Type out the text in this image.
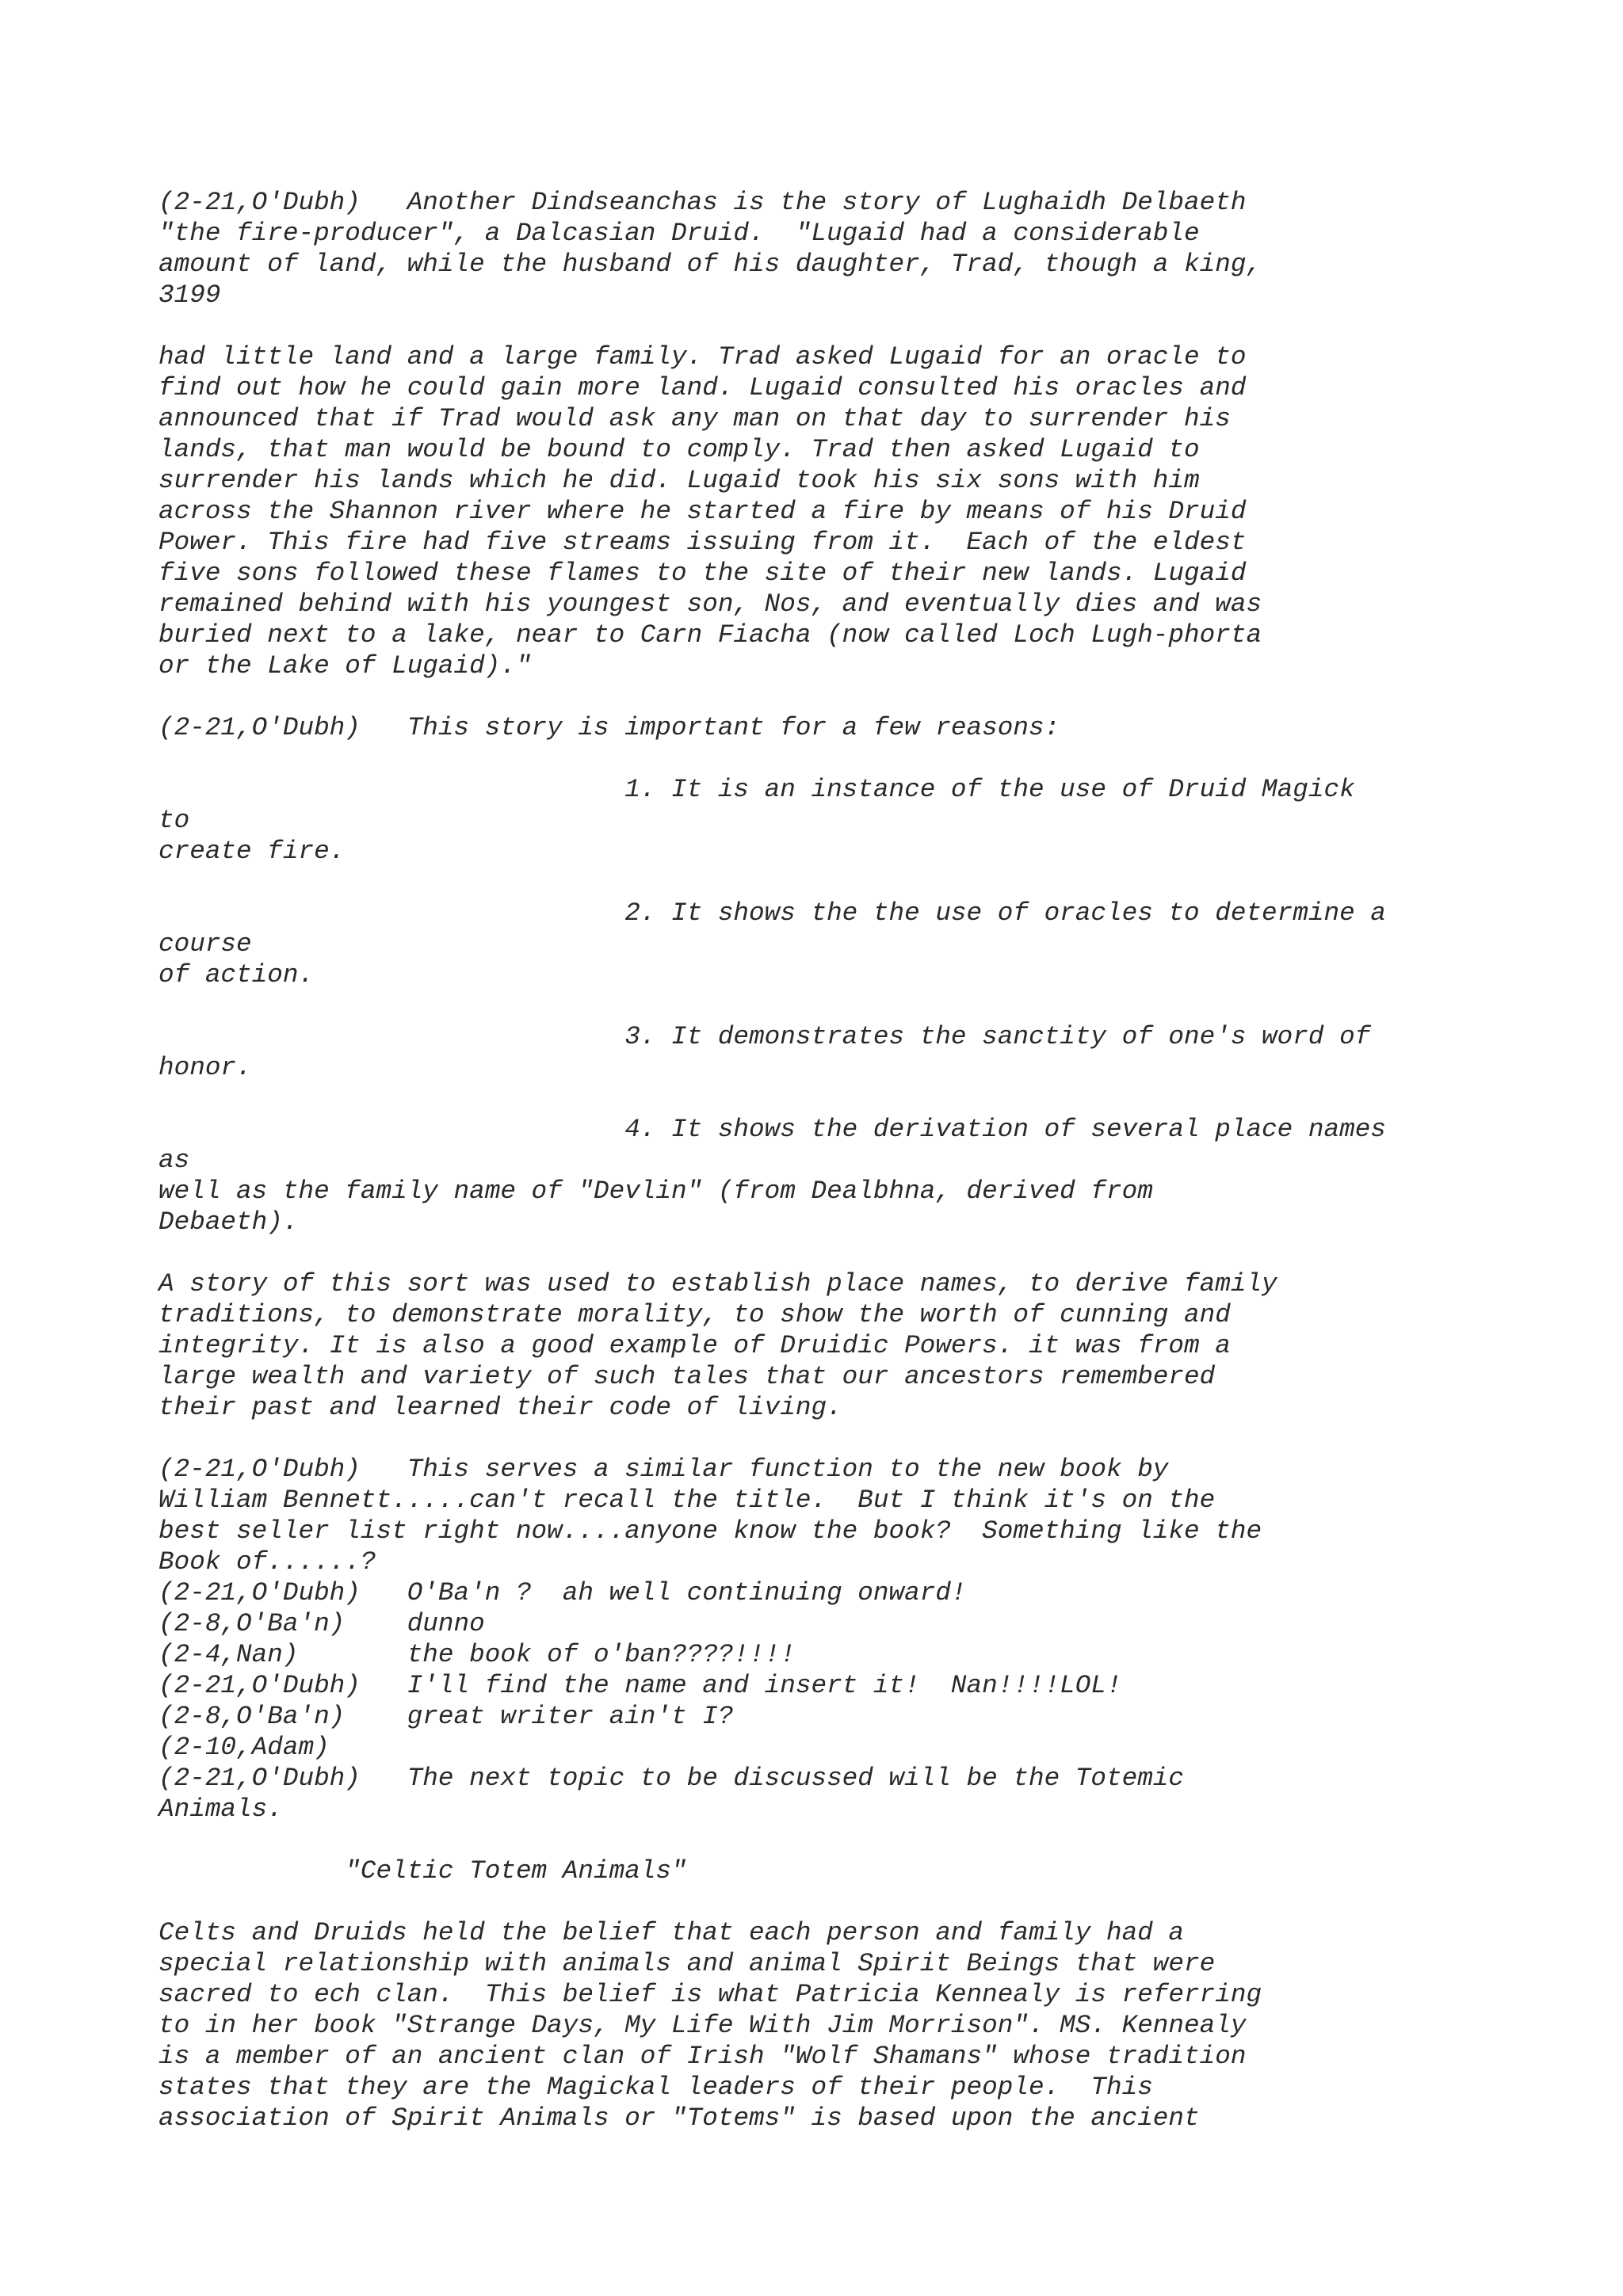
(2-21,O'Dubh)   Another Dindseanchas is the story of Lughaidh Delbaeth
"the fire-producer", a Dalcasian Druid.  "Lugaid had a considerable
amount of land, while the husband of his daughter, Trad, though a king,
3199
had little land and a large family. Trad asked Lugaid for an oracle to
find out how he could gain more land. Lugaid consulted his oracles and
announced that if Trad would ask any man on that day to surrender his
lands, that man would be bound to comply. Trad then asked Lugaid to
surrender his lands which he did. Lugaid took his six sons with him
across the Shannon river where he started a fire by means of his Druid
Power. This fire had five streams issuing from it.  Each of the eldest
five sons followed these flames to the site of their new lands. Lugaid
remained behind with his youngest son, Nos, and eventually dies and was
buried next to a lake, near to Carn Fiacha (now called Loch Lugh-phorta
or the Lake of Lugaid)."
(2-21,O'Dubh)   This story is important for a few reasons:
1. It is an instance of the use of Druid Magick
to
create fire.
2. It shows the the use of oracles to determine a
course
of action.
3. It demonstrates the sanctity of one's word of
honor.
4. It shows the derivation of several place names
as
well as the family name of "Devlin" (from Dealbhna, derived from
Debaeth).
A story of this sort was used to establish place names, to derive family
traditions, to demonstrate morality, to show the worth of cunning and
integrity. It is also a good example of Druidic Powers. it was from a
large wealth and variety of such tales that our ancestors remembered
their past and learned their code of living.
(2-21,O'Dubh)   This serves a similar function to the new book by
William Bennett.....can't recall the title.  But I think it's on the
best seller list right now....anyone know the book?  Something like the
Book of......?
(2-21,O'Dubh)   O'Ba'n ?  ah well continuing onward!
(2-8,O'Ba'n)    dunno
(2-4,Nan)       the book of o'ban????!!!!
(2-21,O'Dubh)   I'll find the name and insert it!  Nan!!!!LOL!
(2-8,O'Ba'n)    great writer ain't I?
(2-10,Adam)
(2-21,O'Dubh)   The next topic to be discussed will be the Totemic
Animals.
"Celtic Totem Animals"
Celts and Druids held the belief that each person and family had a
special relationship with animals and animal Spirit Beings that were
sacred to ech clan.  This belief is what Patricia Kennealy is referring
to in her book "Strange Days, My Life With Jim Morrison". MS. Kennealy
is a member of an ancient clan of Irish "Wolf Shamans" whose tradition
states that they are the Magickal leaders of their people.  This
association of Spirit Animals or "Totems" is based upon the ancient
